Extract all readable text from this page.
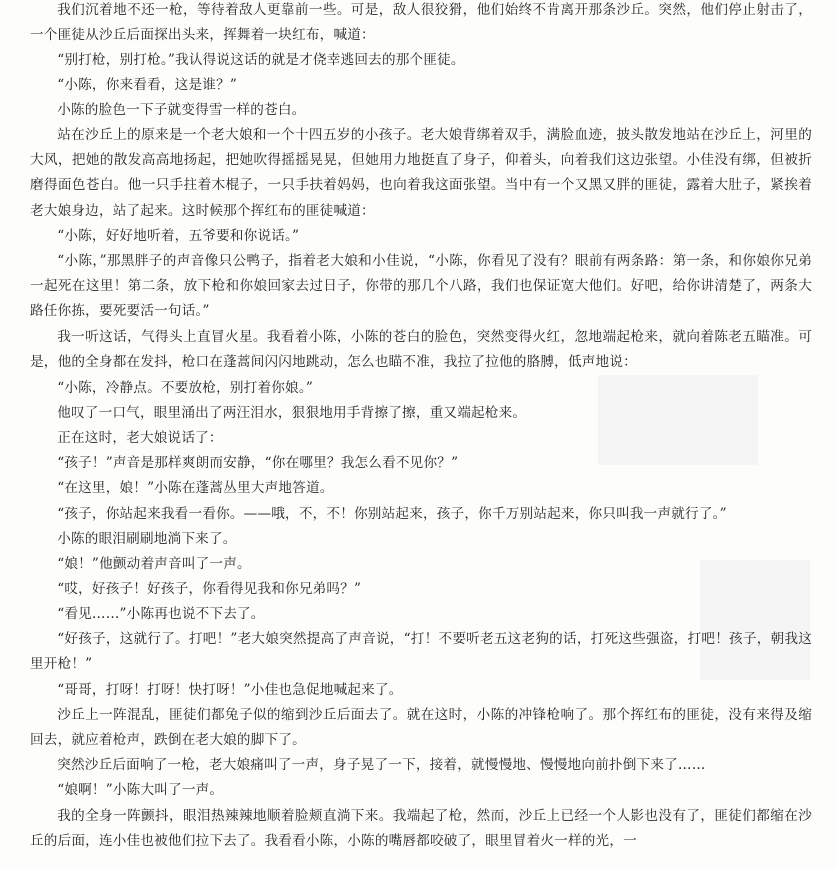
我们沉着地不还一枪，等待着敌人更靠前一些。可是，敌人很狡猾，他们始终不肯离开那条沙丘。突然，他们停止射击了，一个匪徒从沙丘后面探出头来，挥舞着一块红布，喊道：

“别打枪，别打枪。”我认得说这话的就是才侥幸逃回去的那个匪徒。

“小陈，你来看看，这是谁？”

小陈的脸色一下子就变得雪一样的苍白。

站在沙丘上的原来是一个老大娘和一个十四五岁的小孩子。老大娘背绑着双手，满脸血迹，披头散发地站在沙丘上，河里的大风，把她的散发高高地扬起，把她吹得摇摇晃晃，但她用力地挺直了身子，仰着头，向着我们这边张望。小佳没有绑，但被折磨得面色苍白。他一只手拄着木棍子，一只手扶着妈妈，也向着我这面张望。当中有一个又黑又胖的匪徒，露着大肚子，紧挨着老大娘身边，站了起来。这时候那个挥红布的匪徒喊道：

“小陈，好好地听着，五爷要和你说话。”

“小陈，”那黑胖子的声音像只公鸭子，指着老大娘和小佳说，“小陈，你看见了没有？眼前有两条路：第一条，和你娘你兄弟一起死在这里！第二条，放下枪和你娘回家去过日子，你带的那几个八路，我们也保证宽大他们。好吧，给你讲清楚了，两条大路任你拣，要死要活一句话。”

我一听这话，气得头上直冒火星。我看着小陈，小陈的苍白的脸色，突然变得火红，忽地端起枪来，就向着陈老五瞄准。可是，他的全身都在发抖，枪口在蓬蒿间闪闪地跳动，怎么也瞄不准，我拉了拉他的胳膊，低声地说：

“小陈，冷静点。不要放枪，别打着你娘。”

他叹了一口气，眼里涌出了两汪泪水，狠狠地用手背擦了擦，重又端起枪来。

正在这时，老大娘说话了：

“孩子！”声音是那样爽朗而安静，“你在哪里？我怎么看不见你？”

“在这里，娘！”小陈在蓬蒿丛里大声地答道。

“孩子，你站起来我看一看你。——哦，不，不！你别站起来，孩子，你千万别站起来，你只叫我一声就行了。”

小陈的眼泪刷刷地淌下来了。

“娘！”他颤动着声音叫了一声。

“哎，好孩子！好孩子，你看得见我和你兄弟吗？”

“看见……”小陈再也说不下去了。

“好孩子，这就行了。打吧！”老大娘突然提高了声音说，“打！不要听老五这老狗的话，打死这些强盗，打吧！孩子，朝我这里开枪！”

“哥哥，打呀！打呀！快打呀！”小佳也急促地喊起来了。

沙丘上一阵混乱，匪徒们都兔子似的缩到沙丘后面去了。就在这时，小陈的冲锋枪响了。那个挥红布的匪徒，没有来得及缩回去，就应着枪声，跌倒在老大娘的脚下了。

突然沙丘后面响了一枪，老大娘痛叫了一声，身子晃了一下，接着，就慢慢地、慢慢地向前扑倒下来了……

“娘啊！”小陈大叫了一声。

我的全身一阵颤抖，眼泪热辣辣地顺着脸颊直淌下来。我端起了枪，然而，沙丘上已经一个人影也没有了，匪徒们都缩在沙丘的后面，连小佳也被他们拉下去了。我看看小陈，小陈的嘴唇都咬破了，眼里冒着火一样的光，一
